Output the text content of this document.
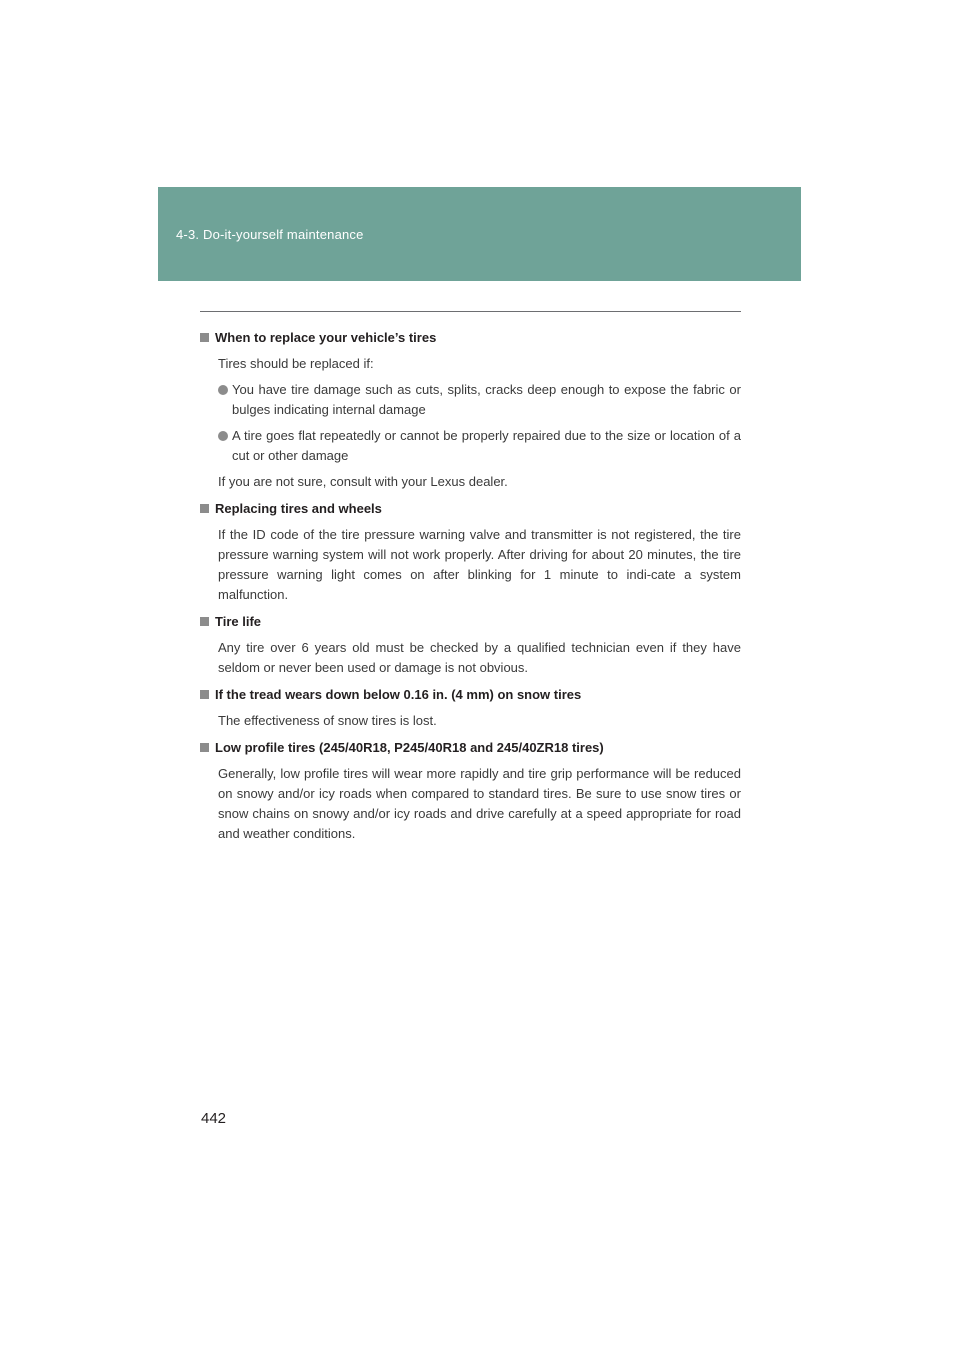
4-3. Do-it-yourself maintenance
When to replace your vehicle’s tires

Tires should be replaced if:

You have tire damage such as cuts, splits, cracks deep enough to expose the fabric or bulges indicating internal damage
A tire goes flat repeatedly or cannot be properly repaired due to the size or location of a cut or other damage

If you are not sure, consult with your Lexus dealer.

Replacing tires and wheels

If the ID code of the tire pressure warning valve and transmitter is not registered, the tire pressure warning system will not work properly. After driving for about 20 minutes, the tire pressure warning light comes on after blinking for 1 minute to indi-cate a system malfunction.

Tire life

Any tire over 6 years old must be checked by a qualified technician even if they have seldom or never been used or damage is not obvious.

If the tread wears down below 0.16 in. (4 mm) on snow tires

The effectiveness of snow tires is lost.

Low profile tires (245/40R18, P245/40R18 and 245/40ZR18 tires)

Generally, low profile tires will wear more rapidly and tire grip performance will be reduced on snowy and/or icy roads when compared to standard tires. Be sure to use snow tires or snow chains on snowy and/or icy roads and drive carefully at a speed appropriate for road and weather conditions.

442
